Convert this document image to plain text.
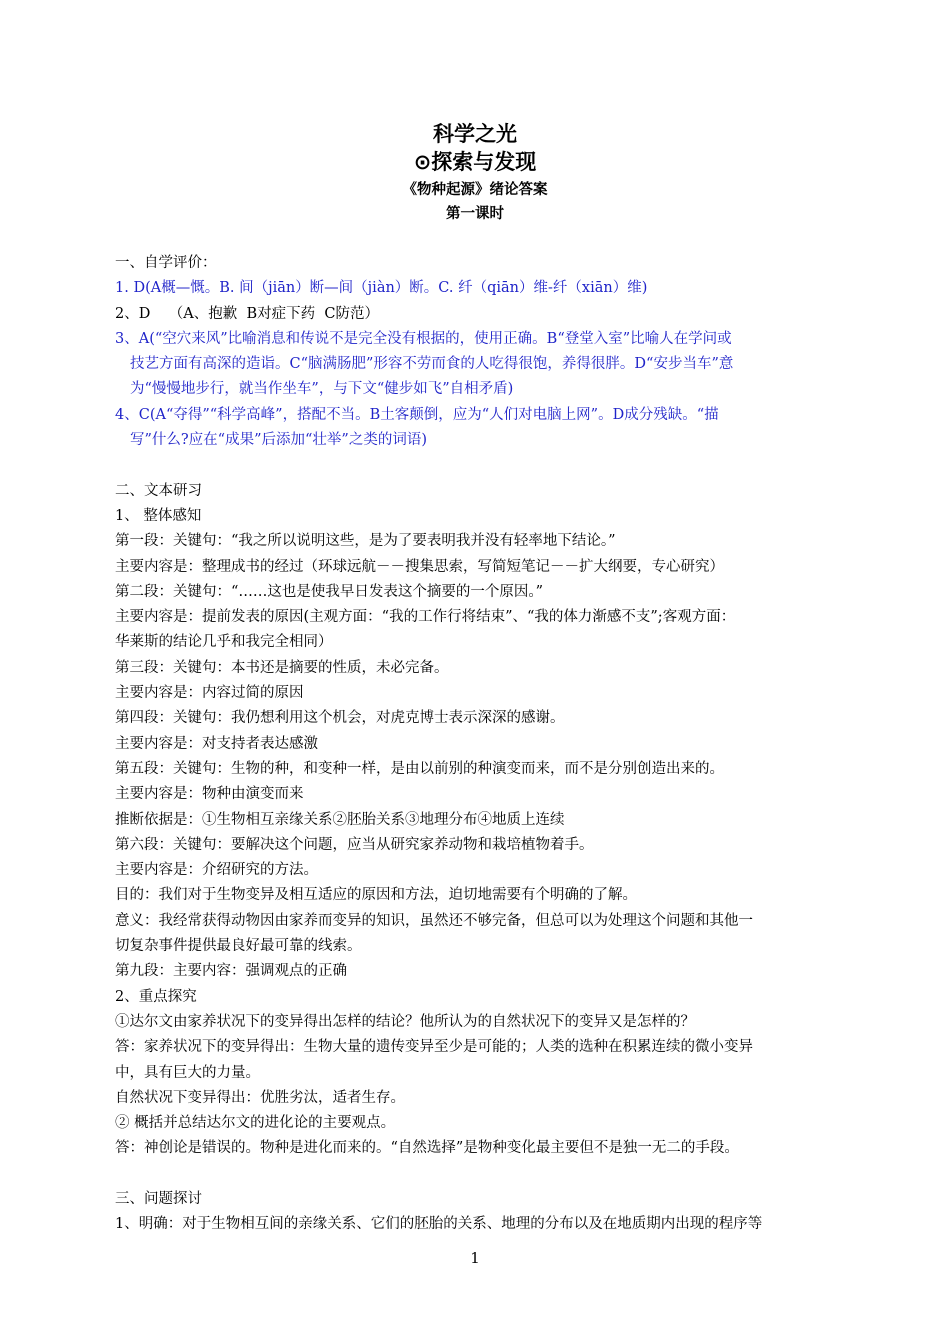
科学之光
⊙探索与发现
《物种起源》绪论答案
第一课时
一、自学评价：
1. D(A概—慨。B. 间（jiān）断—间（jiàn）断。C. 纤（qiān）维-纤（xiān）维)
2、D    （A、抱歉  B对症下药  C防范）
3、A(“空穴来风”比喻消息和传说不是完全没有根据的，使用正确。B“登堂入室”比喻人在学问或
技艺方面有高深的造诣。C“脑满肠肥”形容不劳而食的人吃得很饱，养得很胖。D“安步当车”意
为“慢慢地步行，就当作坐车”，与下文“健步如飞”自相矛盾)
4、C(A“夺得”“科学高峰”，搭配不当。B土客颠倒，应为“人们对电脑上网”。D成分残缺。“描
写”什么?应在“成果”后添加“壮举”之类的词语)
二、文本研习
1、 整体感知
第一段：关键句：“我之所以说明这些，是为了要表明我并没有轻率地下结论。”
主要内容是：整理成书的经过（环球远航－－搜集思索，写简短笔记－－扩大纲要，专心研究）
第二段：关键句：“……这也是使我早日发表这个摘要的一个原因。”
主要内容是：提前发表的原因(主观方面：“我的工作行将结束”、“我的体力渐感不支”;客观方面：
华莱斯的结论几乎和我完全相同）
第三段：关键句：本书还是摘要的性质，未必完备。
主要内容是：内容过简的原因
第四段：关键句：我仍想利用这个机会，对虎克博士表示深深的感谢。
主要内容是：对支持者表达感激
第五段：关键句：生物的种，和变种一样，是由以前别的种演变而来，而不是分别创造出来的。
主要内容是：物种由演变而来
推断依据是：①生物相互亲缘关系②胚胎关系③地理分布④地质上连续
第六段：关键句：要解决这个问题，应当从研究家养动物和栽培植物着手。
主要内容是：介绍研究的方法。
目的：我们对于生物变异及相互适应的原因和方法，迫切地需要有个明确的了解。
意义：我经常获得动物因由家养而变异的知识，虽然还不够完备，但总可以为处理这个问题和其他一
切复杂事件提供最良好最可靠的线索。
第九段：主要内容：强调观点的正确
2、重点探究
①达尔文由家养状况下的变异得出怎样的结论？他所认为的自然状况下的变异又是怎样的？
答：家养状况下的变异得出：生物大量的遗传变异至少是可能的；人类的选种在积累连续的微小变异
中，具有巨大的力量。
自然状况下变异得出：优胜劣汰，适者生存。
② 概括并总结达尔文的进化论的主要观点。
答：神创论是错误的。物种是进化而来的。“自然选择”是物种变化最主要但不是独一无二的手段。
三、问题探讨
1、明确：对于生物相互间的亲缘关系、它们的胚胎的关系、地理的分布以及在地质期内出现的程序等
1
